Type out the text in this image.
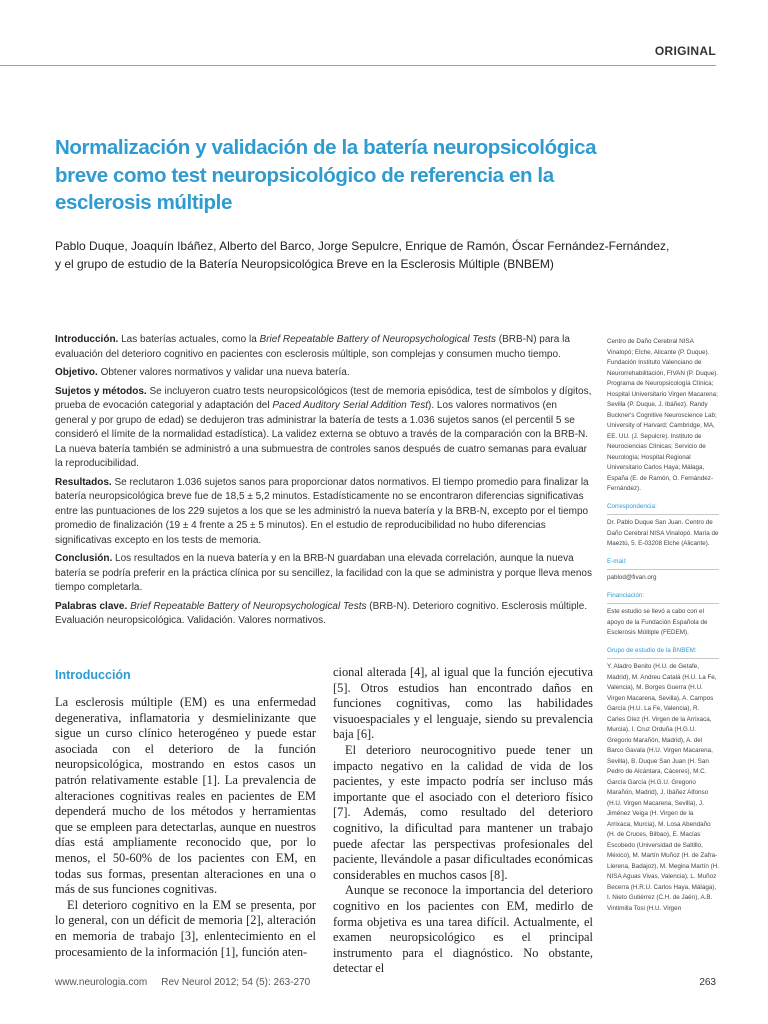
ORIGINAL
Normalización y validación de la batería neuropsicológica breve como test neuropsicológico de referencia en la esclerosis múltiple
Pablo Duque, Joaquín Ibáñez, Alberto del Barco, Jorge Sepulcre, Enrique de Ramón, Óscar Fernández-Fernández,
y el grupo de estudio de la Batería Neuropsicológica Breve en la Esclerosis Múltiple (BNBEM)

Introducción. Las baterías actuales, como la Brief Repeatable Battery of Neuropsychological Tests (BRB-N) para la evaluación del deterioro cognitivo en pacientes con esclerosis múltiple, son complejas y consumen mucho tiempo.

Objetivo. Obtener valores normativos y validar una nueva batería.

Sujetos y métodos. Se incluyeron cuatro tests neuropsicológicos (test de memoria episódica, test de símbolos y dígitos, prueba de evocación categorial y adaptación del Paced Auditory Serial Addition Test). Los valores normativos (en general y por grupo de edad) se dedujeron tras administrar la batería de tests a 1.036 sujetos sanos (el percentil 5 se consideró el límite de la normalidad estadística). La validez externa se obtuvo a través de la comparación con la BRB-N. La nueva batería también se administró a una submuestra de controles sanos después de cuatro semanas para evaluar la reproducibilidad.

Resultados. Se reclutaron 1.036 sujetos sanos para proporcionar datos normativos. El tiempo promedio para finalizar la batería neuropsicológica breve fue de 18,5 ± 5,2 minutos. Estadísticamente no se encontraron diferencias significativas entre las puntuaciones de los 229 sujetos a los que se les administró la nueva batería y la BRB-N, excepto por el tiempo promedio de finalización (19 ± 4 frente a 25 ± 5 minutos). En el estudio de reproducibilidad no hubo diferencias significativas excepto en los tests de memoria.

Conclusión. Los resultados en la nueva batería y en la BRB-N guardaban una elevada correlación, aunque la nueva batería se podría preferir en la práctica clínica por su sencillez, la facilidad con la que se administra y porque lleva menos tiempo completarla.

Palabras clave. Brief Repeatable Battery of Neuropsychological Tests (BRB-N). Deterioro cognitivo. Esclerosis múltiple. Evaluación neuropsicológica. Validación. Valores normativos.

Centro de Daño Cerebral NISA Vinalopó; Elche, Alicante (P. Duque). Fundación Instituto Valenciano de Neurorrehabilitación, FIVAN (P. Duque). Programa de Neuropsicología Clínica; Hospital Universitario Virgen Macarena; Sevilla (P. Duque, J. Ibáñez). Randy Buckner's Cognitive Neuroscience Lab; University of Harvard; Cambridge, MA, EE. UU. (J. Sepulcre). Instituto de Neurociencias Clínicas; Servicio de Neurología; Hospital Regional Universitario Carlos Haya; Málaga, España (E. de Ramón, O. Fernández-Fernández).
Correspondencia:
Dr. Pablo Duque San Juan. Centro de Daño Cerebral NISA Vinalopó. María de Maeztú, 5. E-03208 Elche (Alicante).
E-mail:
pablod@fivan.org
Financiación:
Este estudio se llevó a cabo con el apoyo de la Fundación Española de Esclerosis Múltiple (FEDEM).
Grupo de estudio de la BNBEM:
Y. Aladro Benito (H.U. de Getafe, Madrid), M. Andreu Catalá (H.U. La Fe, Valencia), M. Borges Guerra (H.U. Virgen Macarena, Sevilla), A. Campos García (H.U. La Fe, Valencia), R. Carles Díez (H. Virgen de la Arrixaca, Murcia). I. Cruz Orduña (H.G.U. Gregorio Marañón, Madrid), A. del Barco Gavala (H.U. Virgen Macarena, Sevilla), B. Duque San Juan (H. San Pedro de Alcántara, Cáceres), M.C. García García (H.G.U. Gregorio Marañón, Madrid), J. Ibáñez Alfonso (H.U. Virgen Macarena, Sevilla), J. Jiménez Veiga (H. Virgen de la Arrixaca, Murcia), M. Losa Abendaño (H. de Cruces, Bilbao), E. Macías Escobedo (Universidad de Saltillo, México), M. Martín Muñoz (H. de Zafra-Llerena, Badajoz), M. Megina Martín (H. NISA Aguas Vivas, Valencia), L. Muñoz Becerra (H.R.U. Carlos Haya, Málaga), I. Nieto Gutiérrez (C.H. de Jaén), A.B. Vintimilla Tosi (H.U. Virgen
Introducción

La esclerosis múltiple (EM) es una enfermedad degenerativa, inflamatoria y desmielinizante que sigue un curso clínico heterogéneo y puede estar asociada con el deterioro de la función neuropsicológica, mostrando en estos casos un patrón relativamente estable [1]. La prevalencia de alteraciones cognitivas reales en pacientes de EM dependerá mucho de los métodos y herramientas que se empleen para detectarlas, aunque en nuestros días está ampliamente reconocido que, por lo menos, el 50-60% de los pacientes con EM, en todas sus formas, presentan alteraciones en una o más de sus funciones cognitivas.

El deterioro cognitivo en la EM se presenta, por lo general, con un déficit de memoria [2], alteración en memoria de trabajo [3], enlentecimiento en el procesamiento de la información [1], función aten-

cional alterada [4], al igual que la función ejecutiva [5]. Otros estudios han encontrado daños en funciones cognitivas, como las habilidades visuoespaciales y el lenguaje, siendo su prevalencia baja [6].

El deterioro neurocognitivo puede tener un impacto negativo en la calidad de vida de los pacientes, y este impacto podría ser incluso más importante que el asociado con el deterioro físico [7]. Además, como resultado del deterioro cognitivo, la dificultad para mantener un trabajo puede afectar las perspectivas profesionales del paciente, llevándole a pasar dificultades económicas considerables en muchos casos [8].

Aunque se reconoce la importancia del deterioro cognitivo en los pacientes con EM, medirlo de forma objetiva es una tarea difícil. Actualmente, el examen neuropsicológico es el principal instrumento para el diagnóstico. No obstante, detectar el

www.neurologia.com Rev Neurol 2012; 54 (5): 263-270	263
